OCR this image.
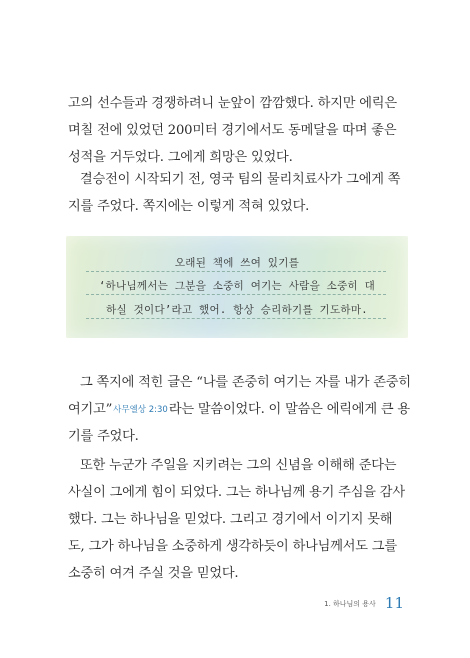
고의 선수들과 경쟁하려니 눈앞이 깜깜했다. 하지만 에릭은
며칠 전에 있었던 200미터 경기에서도 동메달을 따며 좋은
성적을 거두었다. 그에게 희망은 있었다.
결승전이 시작되기 전, 영국 팀의 물리치료사가 그에게 쪽
지를 주었다. 쪽지에는 이렇게 적혀 있었다.
오래된 책에 쓰여 있기를
‘하나님께서는 그분을 소중히 여기는 사람을 소중히 대
하실 것이다’라고 했어. 항상 승리하기를 기도하마.
그 쪽지에 적힌 글은 “나를 존중히 여기는 자를 내가 존중히
여기고”사무엘상 2:30라는 말씀이었다. 이 말씀은 에릭에게 큰 용
기를 주었다.
또한 누군가 주일을 지키려는 그의 신념을 이해해 준다는
사실이 그에게 힘이 되었다. 그는 하나님께 용기 주심을 감사
했다. 그는 하나님을 믿었다. 그리고 경기에서 이기지 못해
도, 그가 하나님을 소중하게 생각하듯이 하나님께서도 그를
소중히 여겨 주실 것을 믿었다.
1. 하나님의 용사 11
